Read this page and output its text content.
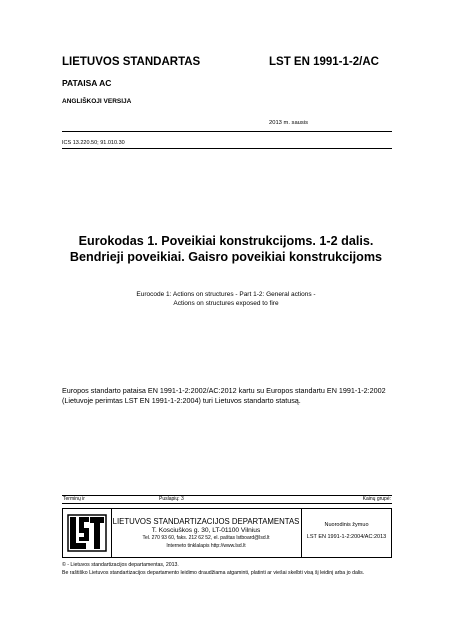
LIETUVOS STANDARTAS	LST EN 1991-1-2/AC
PATAISA AC
ANGLIŠKOJI VERSIJA
2013 m. sausis
ICS 13.220.50; 91.010.30
Eurokodas 1. Poveikiai konstrukcijoms. 1-2 dalis.
Bendrieji poveikiai. Gaisro poveikiai konstrukcijoms
Eurocode 1: Actions on structures - Part 1-2: General actions -
Actions on structures exposed to fire
Europos standarto pataisa EN 1991-1-2:2002/AC:2012 kartu su Europos standartu EN 1991-1-2:2002
(Lietuvoje perimtas LST EN 1991-1-2:2004) turi Lietuvos standarto statusą.
Terminų ir	Puslapių: 3	Kainų grupė:
LIETUVOS STANDARTIZACIJOS DEPARTAMENTAS
T. Kosciuškos g. 30, LT-01100 Vilnius
Tel. 270 93 60, faks. 212 62 52, el. paštas lstboard@lsd.lt
Interneto tinklalapis http://www.lsd.lt
Nuorodinis žymuo
LST EN 1991-1-2:2004/AC:2013
© - Lietuvos standartizacijos departamentas, 2013.
Be raštiško Lietuvos standartizacijos departamento leidimo draudžiama atgaminti, platinti ar viešai skelbti visą šį leidinį arba jo dalis.
